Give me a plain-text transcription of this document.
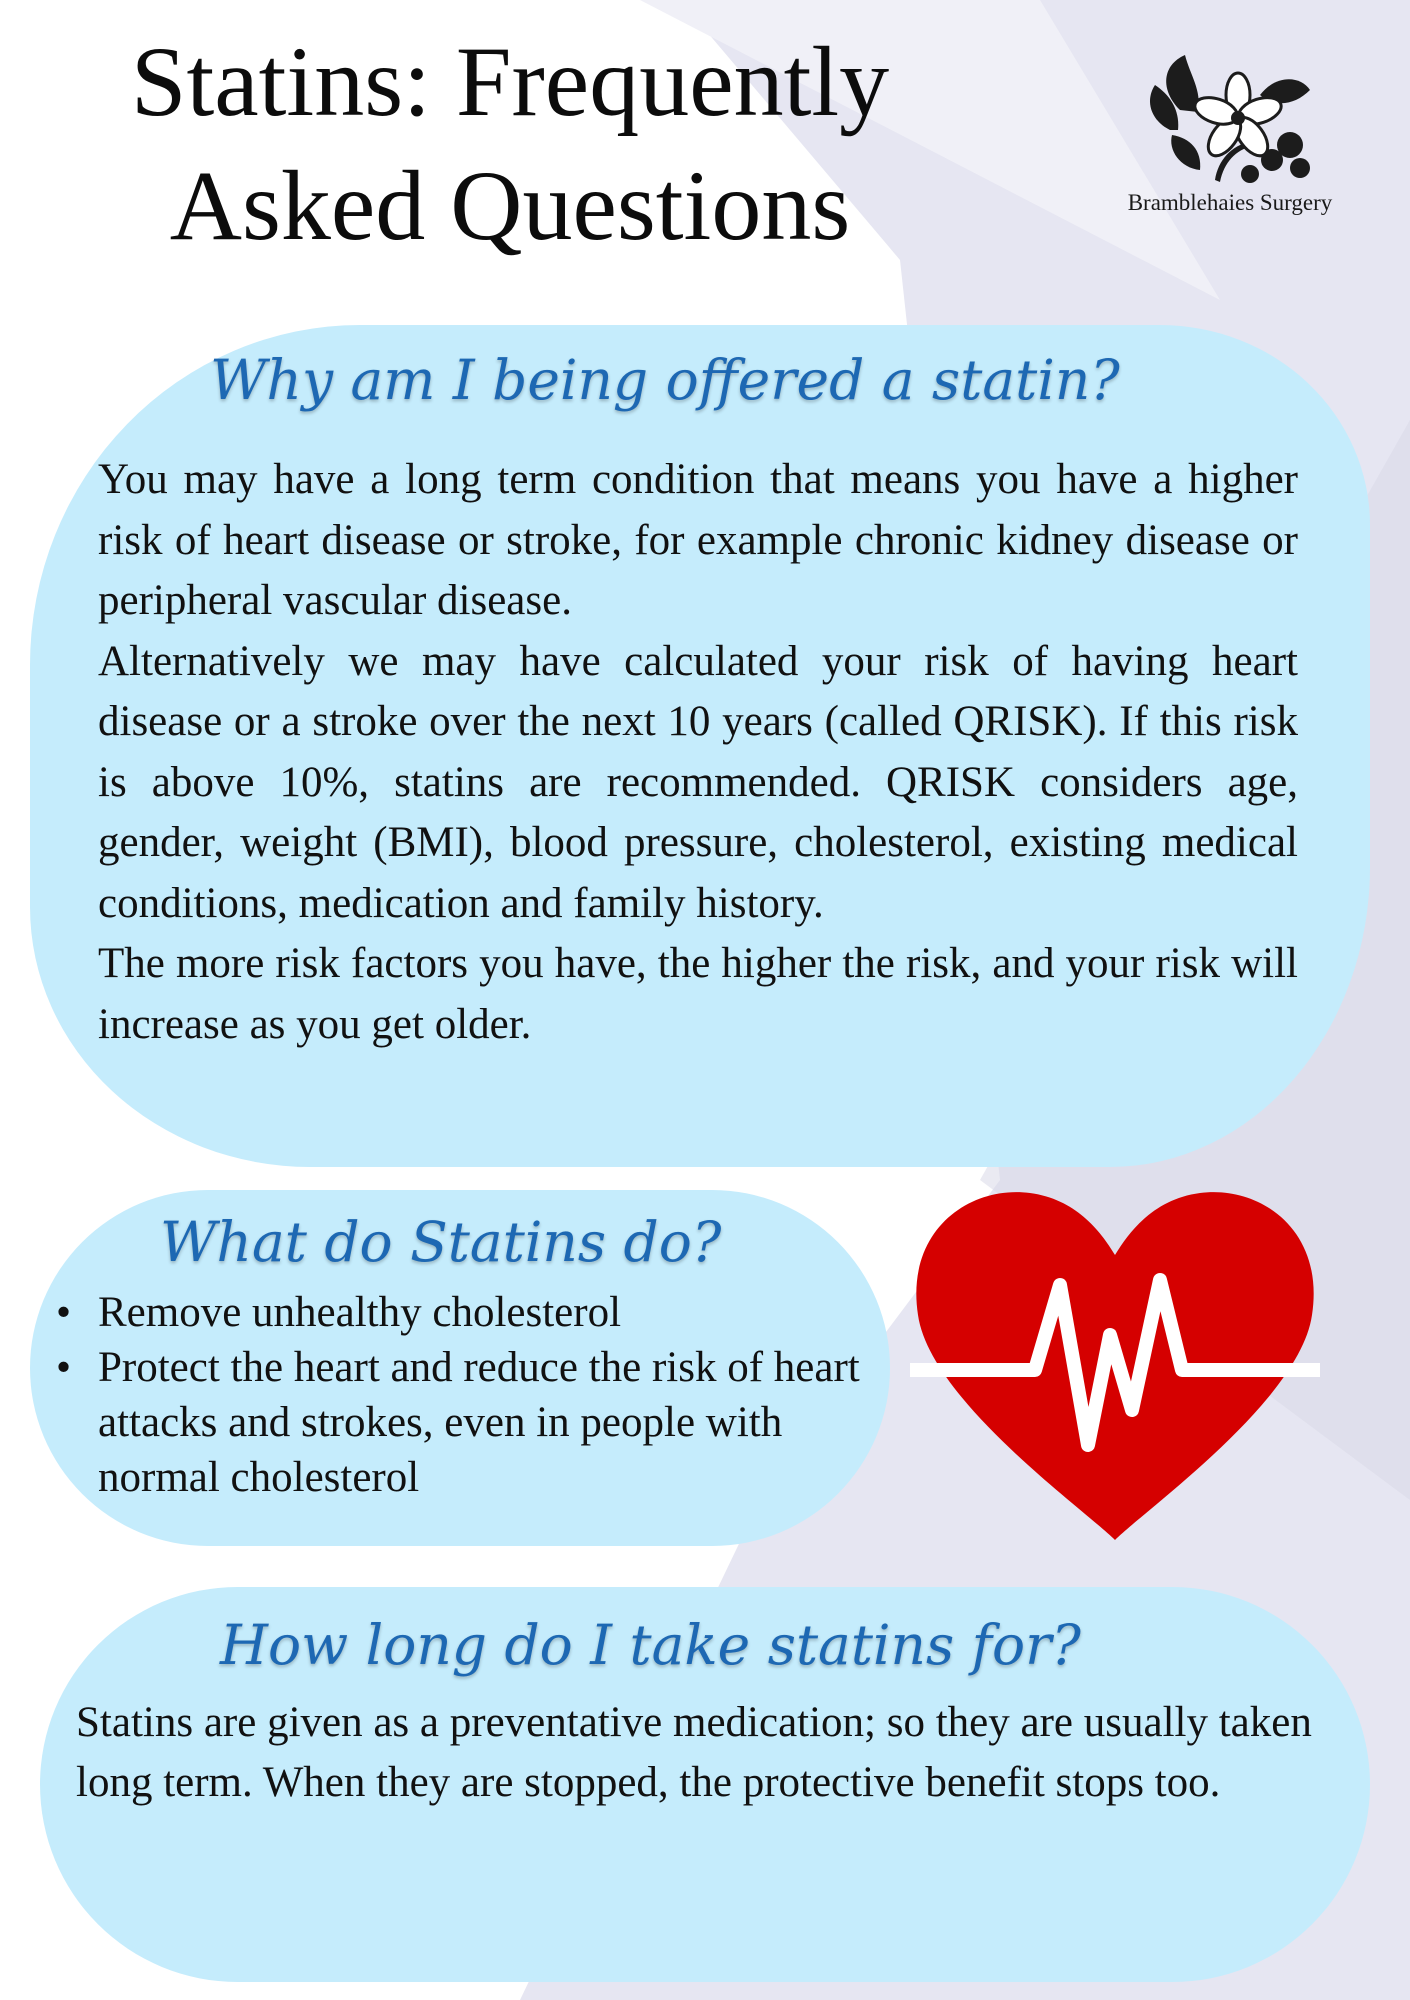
Statins: Frequently
Asked Questions	Bramblehaies Surgery
Why am I being offered a statin?

You may have a long term condition that means you have a higher risk of heart disease or stroke, for example chronic kidney disease or peripheral vascular disease.

Alternatively we may have calculated your risk of having heart disease or a stroke over the next 10 years (called QRISK). If this risk is above 10%, statins are recommended. QRISK considers age, gender, weight (BMI), blood pressure, cholesterol, existing medical conditions, medication and family history.

The more risk factors you have, the higher the risk, and your risk will increase as you get older.

What do Statins do?
• Remove unhealthy cholesterol
• Protect the heart and reduce the risk of heart attacks and strokes, even in people with normal cholesterol
How long do I take statins for?
Statins are given as a preventative medication; so they are usually taken long term. When they are stopped, the protective benefit stops too.
